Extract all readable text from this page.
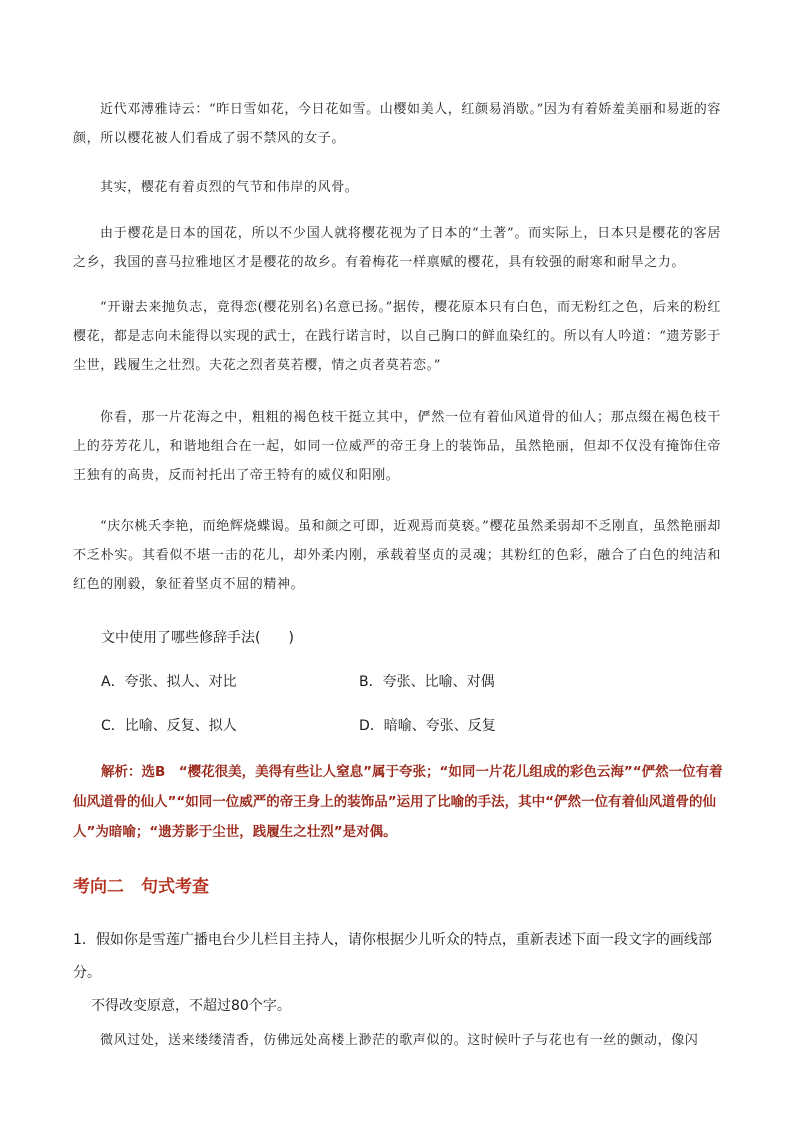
近代邓溥雅诗云：“昨日雪如花，今日花如雪。山樱如美人，红颜易消歇。”因为有着娇羞美丽和易逝的容颜，所以樱花被人们看成了弱不禁风的女子。

其实，樱花有着贞烈的气节和伟岸的风骨。

由于樱花是日本的国花，所以不少国人就将樱花视为了日本的“土著”。而实际上，日本只是樱花的客居之乡，我国的喜马拉雅地区才是樱花的故乡。有着梅花一样禀赋的樱花，具有较强的耐寒和耐旱之力。

“开谢去来抛负志，竟得恋(樱花别名)名意已扬。”据传，樱花原本只有白色，而无粉红之色，后来的粉红樱花，都是志向未能得以实现的武士，在践行诺言时，以自己胸口的鲜血染红的。所以有人吟道：“遗芳影于尘世，践履生之壮烈。夫花之烈者莫若樱，情之贞者莫若恋。”

你看，那一片花海之中，粗粗的褐色枝干挺立其中，俨然一位有着仙风道骨的仙人；那点缀在褐色枝干上的芬芳花儿，和谐地组合在一起，如同一位威严的帝王身上的装饰品，虽然艳丽，但却不仅没有掩饰住帝王独有的高贵，反而衬托出了帝王特有的威仪和阳刚。

“庆尔桃夭李艳，而绝辉烧蝶谒。虽和颜之可即，近观焉而莫亵。”樱花虽然柔弱却不乏刚直，虽然艳丽却不乏朴实。其看似不堪一击的花儿，却外柔内刚，承载着坚贞的灵魂；其粉红的色彩，融合了白色的纯洁和红色的刚毅，象征着坚贞不屈的精神。

文中使用了哪些修辞手法(　　)

A．夸张、拟人、对比	B．夸张、比喻、对偶

C．比喻、反复、拟人	D．暗喻、夸张、反复

解析：选B　“樱花很美，美得有些让人窒息”属于夸张；“如同一片花儿组成的彩色云海”“俨然一位有着仙风道骨的仙人”“如同一位威严的帝王身上的装饰品”运用了比喻的手法，其中“俨然一位有着仙风道骨的仙人”为暗喻；“遗芳影于尘世，践履生之壮烈”是对偶。

考向二　句式考查

1．假如你是雪莲广播电台少儿栏目主持人，请你根据少儿听众的特点，重新表述下面一段文字的画线部分。
不得改变原意，不超过80个字。

微风过处，送来缕缕清香，仿佛远处高楼上渺茫的歌声似的。这时候叶子与花也有一丝的颤动，像闪
